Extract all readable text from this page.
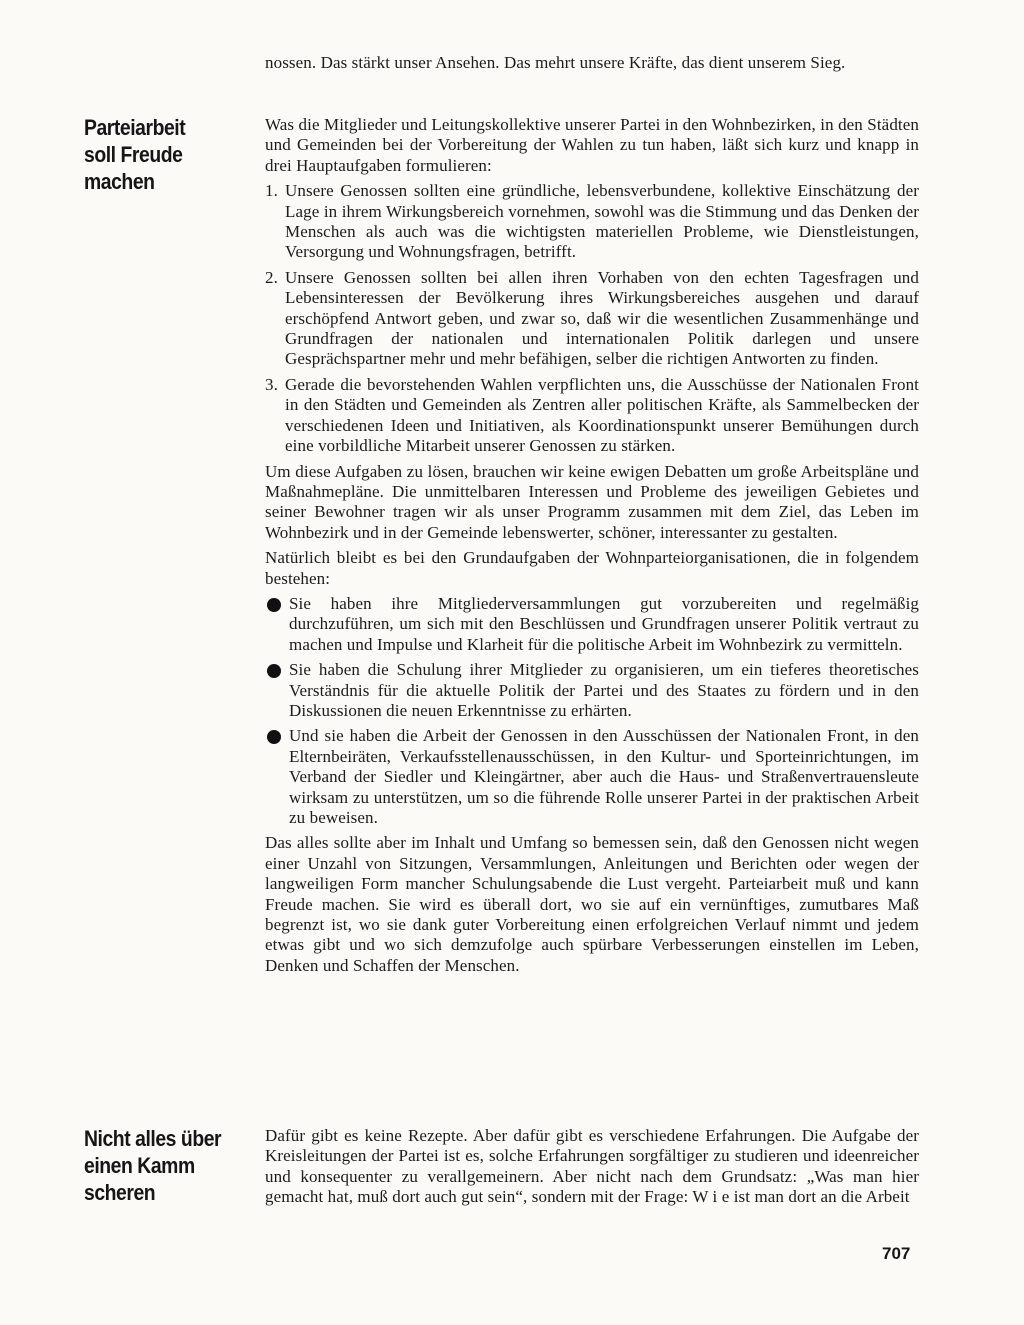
Parteiarbeit
soll Freude
machen
Nicht alles über
einen Kamm
scheren

nossen. Das stärkt unser Ansehen. Das mehrt unsere Kräfte, das dient unserem Sieg.

Was die Mitglieder und Leitungskollektive unserer Partei in den Wohnbezirken, in den Städten und Gemeinden bei der Vorbereitung der Wahlen zu tun haben, läßt sich kurz und knapp in drei Hauptaufgaben formulieren:

1. Unsere Genossen sollten eine gründliche, lebensverbundene, kollektive Einschätzung der Lage in ihrem Wirkungsbereich vornehmen, sowohl was die Stimmung und das Denken der Menschen als auch was die wichtigsten materiellen Probleme, wie Dienstleistungen, Versorgung und Wohnungsfragen, betrifft.
2. Unsere Genossen sollten bei allen ihren Vorhaben von den echten Tagesfragen und Lebensinteressen der Bevölkerung ihres Wirkungsbereiches ausgehen und darauf erschöpfend Antwort geben, und zwar so, daß wir die wesentlichen Zusammenhänge und Grundfragen der nationalen und internationalen Politik darlegen und unsere Gesprächspartner mehr und mehr befähigen, selber die richtigen Antworten zu finden.
3. Gerade die bevorstehenden Wahlen verpflichten uns, die Ausschüsse der Nationalen Front in den Städten und Gemeinden als Zentren aller politischen Kräfte, als Sammelbecken der verschiedenen Ideen und Initiativen, als Koordinationspunkt unserer Bemühungen durch eine vorbildliche Mitarbeit unserer Genossen zu stärken.

Um diese Aufgaben zu lösen, brauchen wir keine ewigen Debatten um große Arbeitspläne und Maßnahmepläne. Die unmittelbaren Interessen und Probleme des jeweiligen Gebietes und seiner Bewohner tragen wir als unser Programm zusammen mit dem Ziel, das Leben im Wohnbezirk und in der Gemeinde lebenswerter, schöner, interessanter zu gestalten.

Natürlich bleibt es bei den Grundaufgaben der Wohnparteiorganisationen, die in folgendem bestehen:

Sie haben ihre Mitgliederversammlungen gut vorzubereiten und regelmäßig durchzuführen, um sich mit den Beschlüssen und Grundfragen unserer Politik vertraut zu machen und Impulse und Klarheit für die politische Arbeit im Wohnbezirk zu vermitteln.
Sie haben die Schulung ihrer Mitglieder zu organisieren, um ein tieferes theoretisches Verständnis für die aktuelle Politik der Partei und des Staates zu fördern und in den Diskussionen die neuen Erkenntnisse zu erhärten.
Und sie haben die Arbeit der Genossen in den Ausschüssen der Nationalen Front, in den Elternbeiräten, Verkaufsstellenausschüssen, in den Kultur- und Sporteinrichtungen, im Verband der Siedler und Kleingärtner, aber auch die Haus- und Straßenvertrauensleute wirksam zu unterstützen, um so die führende Rolle unserer Partei in der praktischen Arbeit zu beweisen.

Das alles sollte aber im Inhalt und Umfang so bemessen sein, daß den Genossen nicht wegen einer Unzahl von Sitzungen, Versammlungen, Anleitungen und Berichten oder wegen der langweiligen Form mancher Schulungsabende die Lust vergeht. Parteiarbeit muß und kann Freude machen. Sie wird es überall dort, wo sie auf ein vernünftiges, zumutbares Maß begrenzt ist, wo sie dank guter Vorbereitung einen erfolgreichen Verlauf nimmt und jedem etwas gibt und wo sich demzufolge auch spürbare Verbesserungen einstellen im Leben, Denken und Schaffen der Menschen.

Dafür gibt es keine Rezepte. Aber dafür gibt es verschiedene Erfahrungen. Die Aufgabe der Kreisleitungen der Partei ist es, solche Erfahrungen sorgfältiger zu studieren und ideenreicher und konsequenter zu verallgemeinern. Aber nicht nach dem Grundsatz: „Was man hier gemacht hat, muß dort auch gut sein“, sondern mit der Frage: W i e ist man dort an die Arbeit

707
